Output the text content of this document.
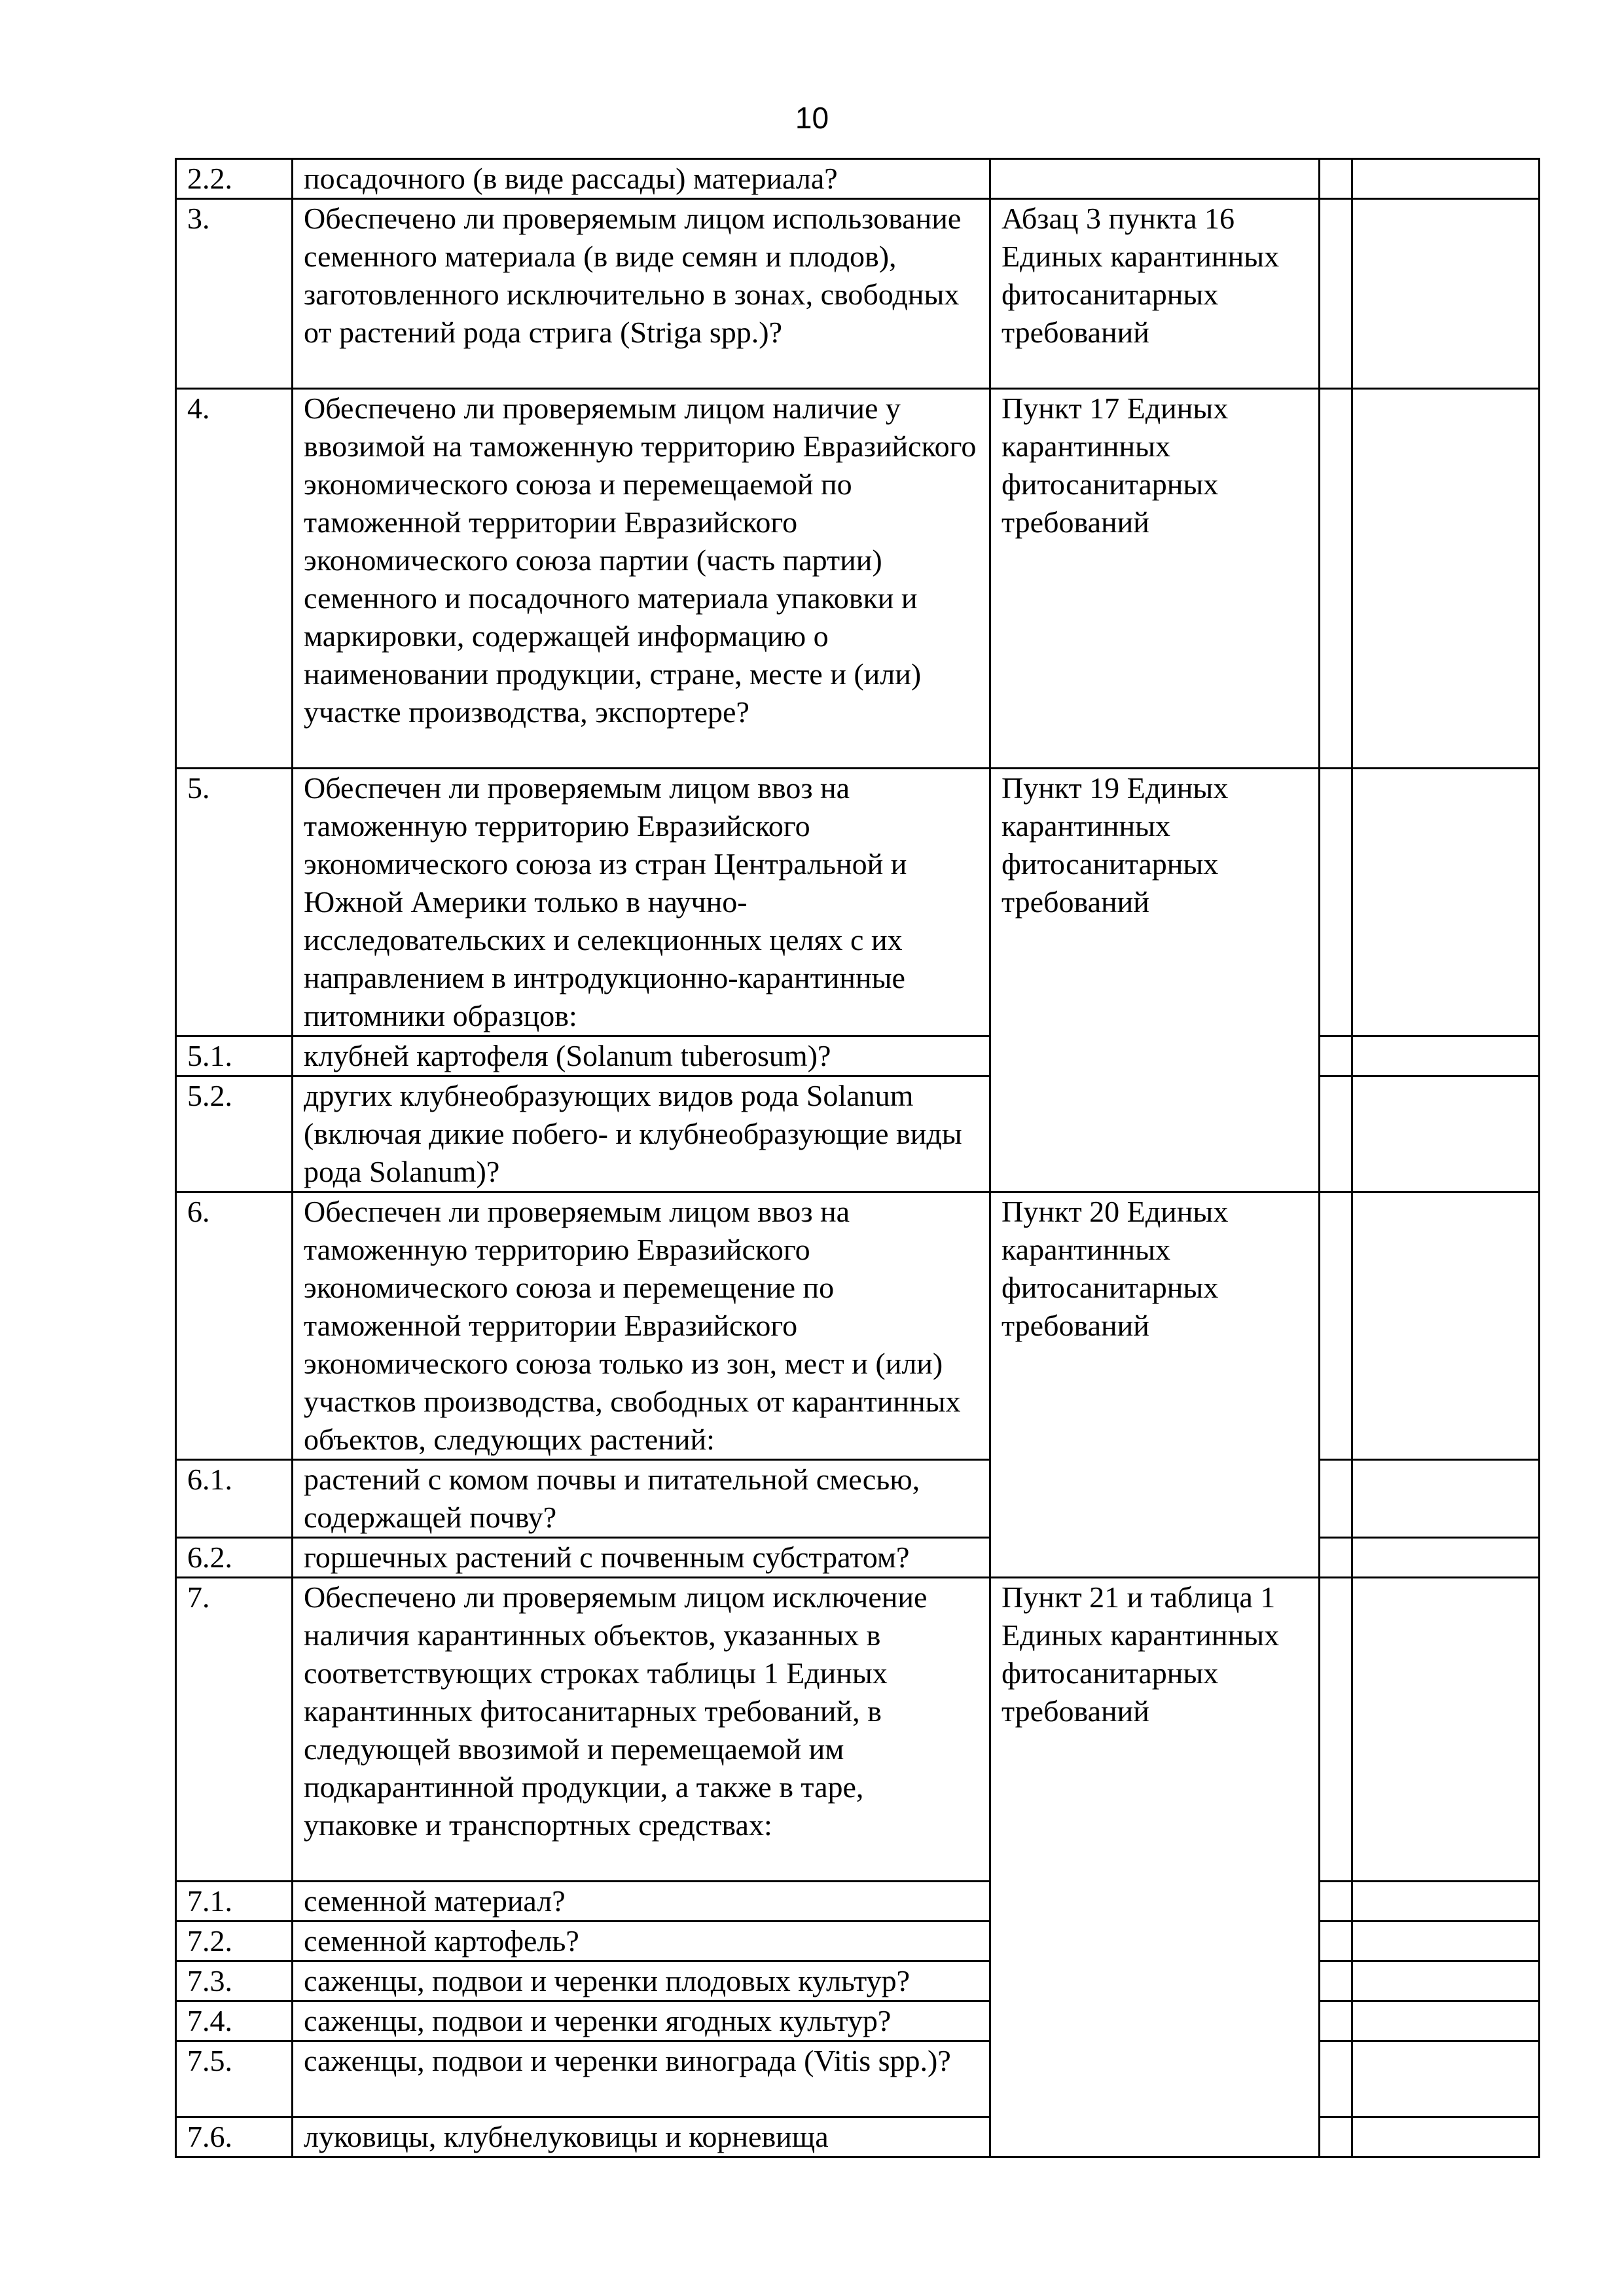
10
2.2.	посадочного (в виде рассады) материала?			
3.	Обеспечено ли проверяемым лицом использование семенного материала (в виде семян и плодов), заготовленного исключительно в зонах, свободных от растений рода стрига (Striga spp.)?	Абзац 3 пункта 16 Единых карантинных фитосанитарных требований		
4.	Обеспечено ли проверяемым лицом наличие у ввозимой на таможенную территорию Евразийского экономического союза и перемещаемой по таможенной территории Евразийского экономического союза партии (часть партии) семенного и посадочного материала упаковки и маркировки, содержащей информацию о наименовании продукции, стране, месте и (или) участке производства, экспортере?	Пункт 17 Единых карантинных фитосанитарных требований		
5.	Обеспечен ли проверяемым лицом ввоз на таможенную территорию Евразийского экономического союза из стран Центральной и Южной Америки только в научно-исследовательских и селекционных целях с их направлением в интродукционно-карантинные питомники образцов:	Пункт 19 Единых карантинных фитосанитарных требований		
5.1.	клубней картофеля (Solanum tuberosum)?			
5.2.	других клубнеобразующих видов рода Solanum (включая дикие побего- и клубнеобразующие виды рода Solanum)?			
6.	Обеспечен ли проверяемым лицом ввоз на таможенную территорию Евразийского экономического союза и перемещение по таможенной территории Евразийского экономического союза только из зон, мест и (или) участков производства, свободных от карантинных объектов, следующих растений:	Пункт 20 Единых карантинных фитосанитарных требований		
6.1.	растений с комом почвы и питательной смесью, содержащей почву?			
6.2.	горшечных растений с почвенным субстратом?			
7.	Обеспечено ли проверяемым лицом исключение наличия карантинных объектов, указанных в соответствующих строках таблицы 1 Единых карантинных фитосанитарных требований, в следующей ввозимой и перемещаемой им подкарантинной продукции, а также в таре, упаковке и транспортных средствах:	Пункт 21 и таблица 1 Единых карантинных фитосанитарных требований		
7.1.	семенной материал?			
7.2.	семенной картофель?			
7.3.	саженцы, подвои и черенки плодовых культур?			
7.4.	саженцы, подвои и черенки ягодных культур?			
7.5.	саженцы, подвои и черенки винограда (Vitis spp.)?			
7.6.	луковицы, клубнелуковицы и корневища			
